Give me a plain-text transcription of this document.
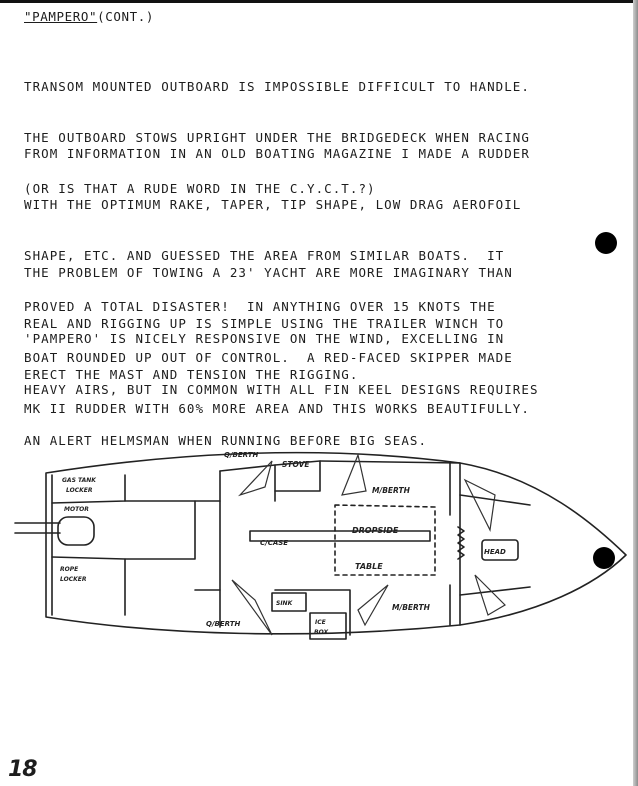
"PAMPERO"(CONT.)

TRANSOM MOUNTED OUTBOARD IS IMPOSSIBLE DIFFICULT TO HANDLE.

THE OUTBOARD STOWS UPRIGHT UNDER THE BRIDGEDECK WHEN RACING

(OR IS THAT A RUDE WORD IN THE C.Y.C.T.?)

FROM INFORMATION IN AN OLD BOATING MAGAZINE I MADE A RUDDER

WITH THE OPTIMUM RAKE, TAPER, TIP SHAPE, LOW DRAG AEROFOIL

SHAPE, ETC. AND GUESSED THE AREA FROM SIMILAR BOATS.  IT

PROVED A TOTAL DISASTER!  IN ANYTHING OVER 15 KNOTS THE

BOAT ROUNDED UP OUT OF CONTROL.  A RED-FACED SKIPPER MADE

MK II RUDDER WITH 60% MORE AREA AND THIS WORKS BEAUTIFULLY.

THE PROBLEM OF TOWING A 23' YACHT ARE MORE IMAGINARY THAN

REAL AND RIGGING UP IS SIMPLE USING THE TRAILER WINCH TO

ERECT THE MAST AND TENSION THE RIGGING.

'PAMPERO' IS NICELY RESPONSIVE ON THE WIND, EXCELLING IN

HEAVY AIRS, BUT IN COMMON WITH ALL FIN KEEL DESIGNS REQUIRES

AN ALERT HELMSMAN WHEN RUNNING BEFORE BIG SEAS.

GAS TANK
LOCKER
MOTOR
ROPE
LOCKER
Q/BERTH
STOVE
M/BERTH
C/CASE
DROPSIDE
TABLE
HEAD
SINK
ICE
BOX
Q/BERTH
M/BERTH
18
